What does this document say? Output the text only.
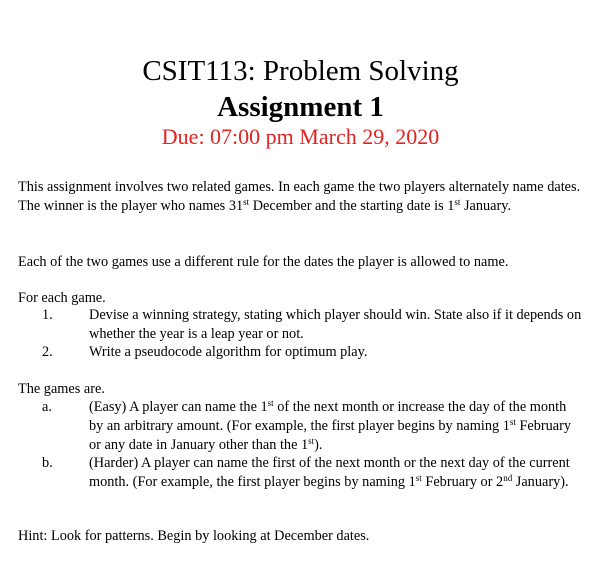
CSIT113: Problem Solving
Assignment 1
Due: 07:00 pm March 29, 2020
This assignment involves two related games. In each game the two players alternately name dates. The winner is the player who names 31st December and the starting date is 1st January.
Each of the two games use a different rule for the dates the player is allowed to name.
For each game.
1.	Devise a winning strategy, stating which player should win. State also if it depends on whether the year is a leap year or not.
2.	Write a pseudocode algorithm for optimum play.
The games are.
a.	(Easy) A player can name the 1st of the next month or increase the day of the month by an arbitrary amount. (For example, the first player begins by naming 1st February or any date in January other than the 1st).
b.	(Harder) A player can name the first of the next month or the next day of the current month. (For example, the first player begins by naming 1st February or 2nd January).
Hint: Look for patterns. Begin by looking at December dates.
